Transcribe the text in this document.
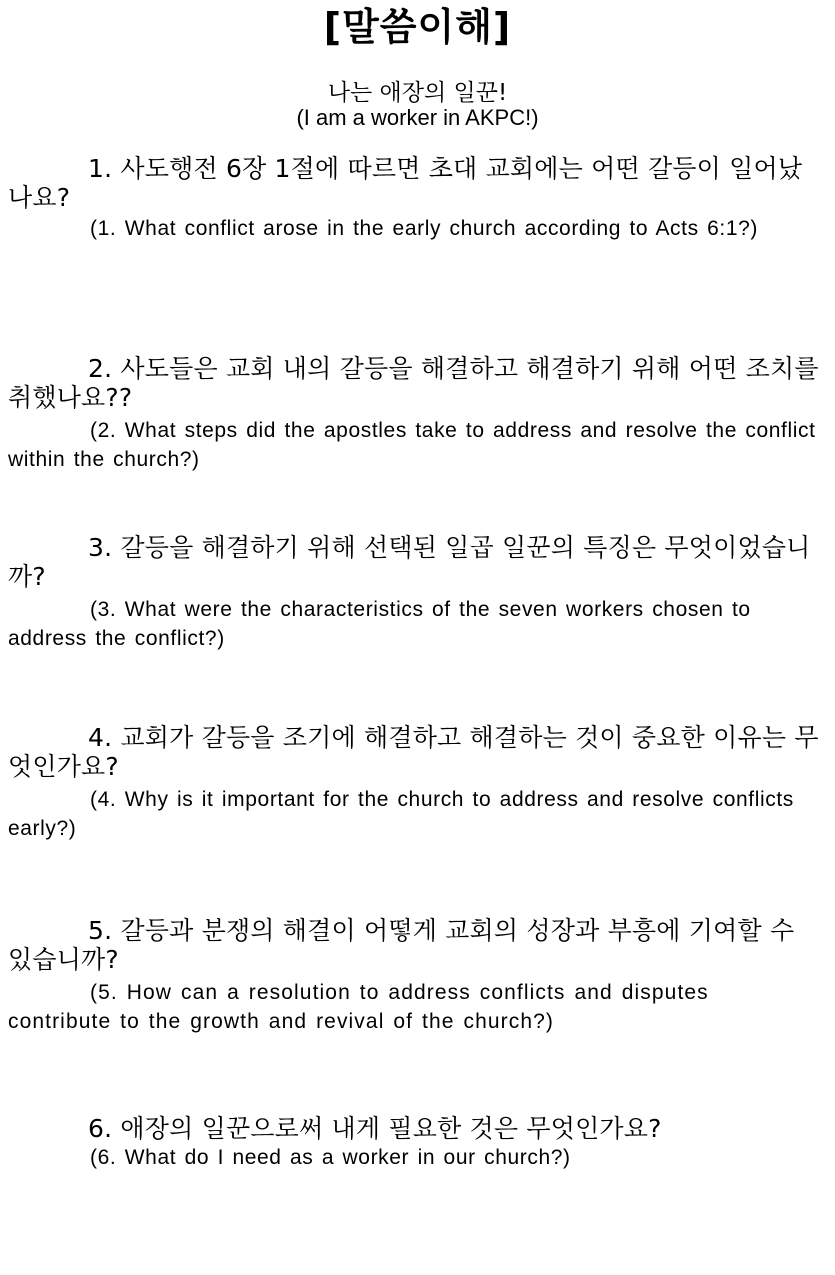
[말씀이해]
나는 애장의 일꾼!
(I am a worker in AKPC!)

1. 사도행전 6장 1절에 따르면 초대 교회에는 어떤 갈등이 일어났나요?

(1. What conflict arose in the early church according to Acts 6:1?)

2. 사도들은 교회 내의 갈등을 해결하고 해결하기 위해 어떤 조치를 취했나요??

(2. What steps did the apostles take to address and resolve the conflict within the church?)

3. 갈등을 해결하기 위해 선택된 일곱 일꾼의 특징은 무엇이었습니까?

(3. What were the characteristics of the seven workers chosen to address the conflict?)

4. 교회가 갈등을 조기에 해결하고 해결하는 것이 중요한 이유는 무엇인가요?

(4. Why is it important for the church to address and resolve conflicts early?)

5. 갈등과 분쟁의 해결이 어떻게 교회의 성장과 부흥에 기여할 수 있습니까?

(5. How can a resolution to address conflicts and disputes contribute to the growth and revival of the church?)

6. 애장의 일꾼으로써 내게 필요한 것은 무엇인가요?

(6. What do I need as a worker in our church?)
